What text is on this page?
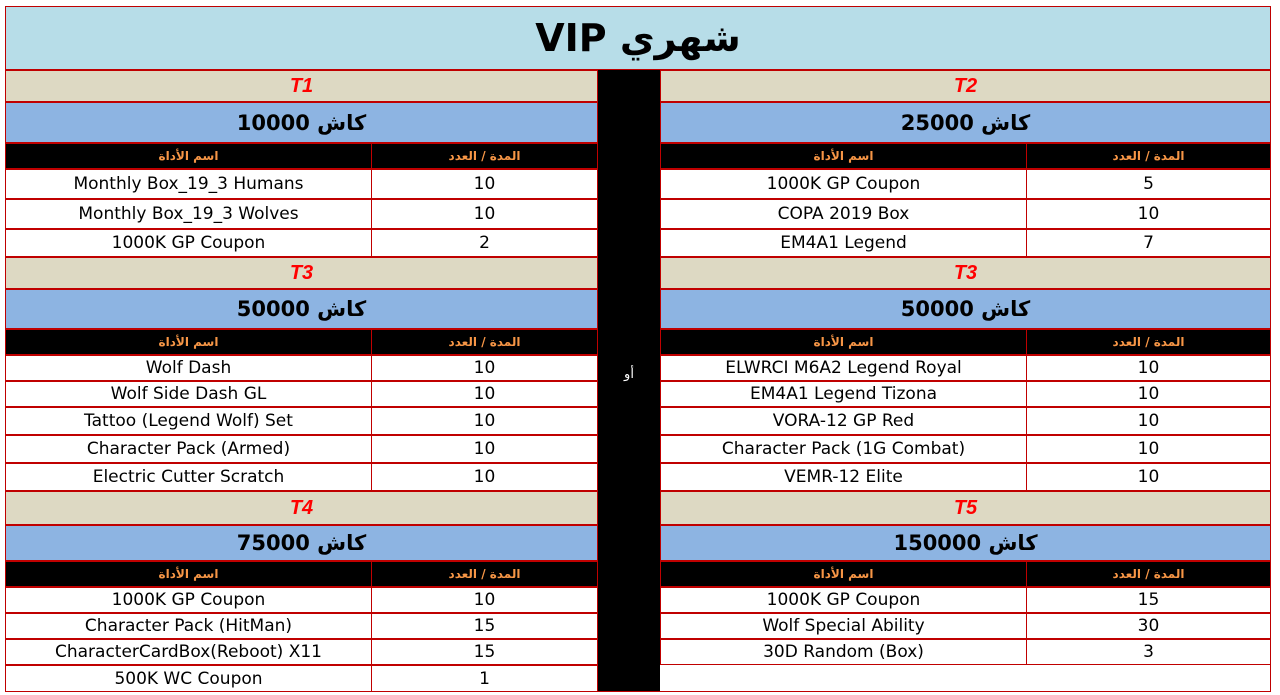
شهري VIP
أو
T1
كاش 10000
اسم الأداة	المدة / العدد
Monthly Box_19_3 Humans	10
Monthly Box_19_3 Wolves	10
1000K GP Coupon	2
T2
كاش 25000
اسم الأداة	المدة / العدد
1000K GP Coupon	5
COPA 2019 Box	10
EM4A1 Legend	7
T3
كاش 50000
اسم الأداة	المدة / العدد
Wolf Dash	10
Wolf Side Dash GL	10
Tattoo (Legend Wolf) Set	10
Character Pack (Armed)	10
Electric Cutter Scratch	10
T3
كاش 50000
اسم الأداة	المدة / العدد
ELWRCI M6A2 Legend Royal	10
EM4A1 Legend Tizona	10
VORA-12 GP Red	10
Character Pack (1G Combat)	10
VEMR-12 Elite	10
T4
كاش 75000
اسم الأداة	المدة / العدد
1000K GP Coupon	10
Character Pack (HitMan)	15
CharacterCardBox(Reboot) X11	15
500K WC Coupon	1
T5
كاش 150000
اسم الأداة	المدة / العدد
1000K GP Coupon	15
Wolf Special Ability	30
30D Random (Box)	3
